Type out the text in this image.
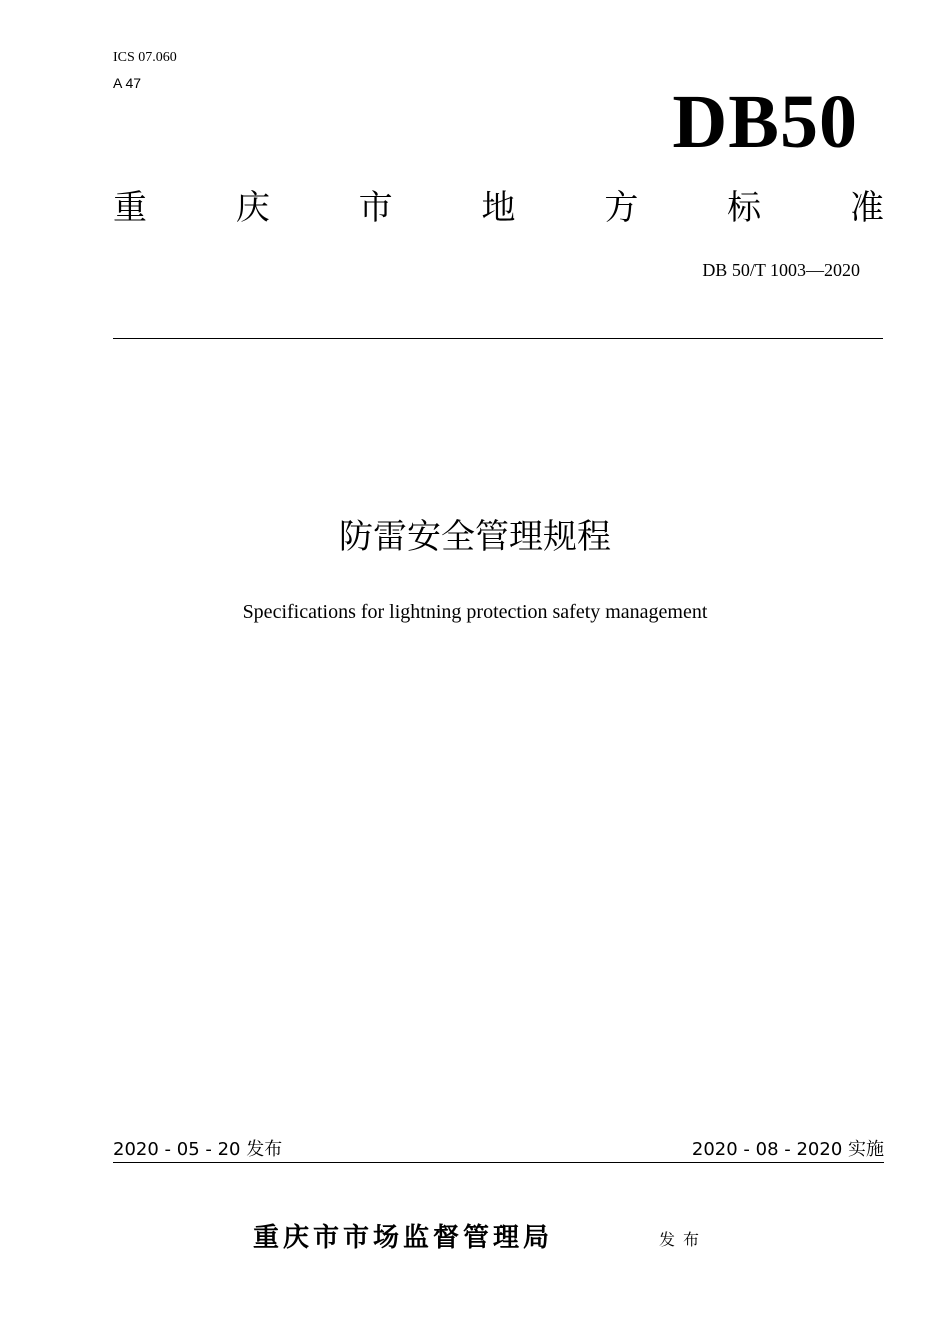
ICS 07.060
A 47	DB50
重	庆	市	地	方	标	准
DB 50/T 1003—2020
防雷安全管理规程
Specifications for lightning protection safety management
2020 - 05 - 20 发布	2020 - 08 - 2020 实施
重庆市市场监督管理局	发布
